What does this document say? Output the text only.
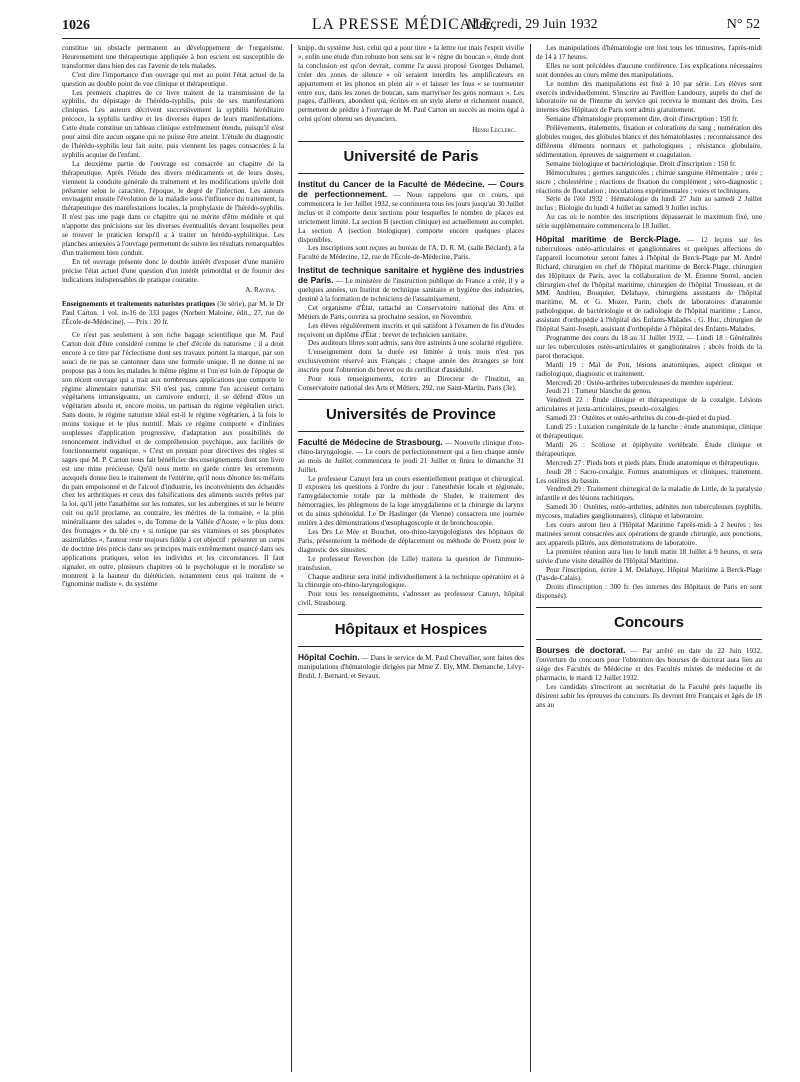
1026	LA PRESSE MÉDICALE,
Mercredi, 29 Juin 1932	N° 52

constitue un obstacle permanent au développement de l'organisme. Heureusement une thérapeutique appliquée à bon escient est susceptible de transformer dans bien des cas l'avenir de tels malades.

C'est dire l'importance d'un ouvrage qui met au point l'état actuel de la question au double point de vue clinique et thérapeutique.

Les premiers chapitres de ce livre traitent de la transmission de la syphilis, du dépistage de l'hérédo-syphilis, puis de ses manifestations cliniques. Les auteurs décrivent successivement la syphilis héréditaire précoce, la syphilis tardive et les diverses étapes de leurs manifestations. Cette étude constitue un tableau clinique extrêmement étendu, puisqu'il n'est pour ainsi dire aucun organe qui ne puisse être atteint. L'étude du diagnostic de l'hérédo-syphilis leur fait suite, puis viennent les pages consacrées à la syphilis acquise de l'enfant.

La deuxième partie de l'ouvrage est consacrée au chapitre de la thérapeutique. Après l'étude des divers médicaments et de leurs doses, viennent la conduite générale du traitement et les modifications qu'elle doit présenter selon le caractère, l'époque, le degré de l'infection. Les auteurs envisagent ensuite l'évolution de la maladie sous l'influence du traitement, la thérapeutique des manifestations locales, la prophylaxie de l'hérédo-syphilis. Il n'est pas une page dans ce chapitre qui ne mérite d'être méditée et qui n'apporte des précisions sur les diverses éventualités devant lesquelles peut se trouver le praticien lorsqu'il a à traiter un hérédo-syphilitique. Les planches annexées à l'ouvrage permettent de suivre les résultats remarquables d'un traitement bien conduit.

En tel ouvrage présente donc le double intérêt d'exposer d'une manière précise l'état actuel d'une question d'un intérêt primordial et de fournir des indications indispensables de pratique courante.

A. Ravina.

Enseignements et traitements naturistes pratiques (3e série), par M. le Dr Paul Carton. 1 vol. in-16 de 333 pages (Norbert Maloine, édit., 27, rue de l'École-de-Médecine). — Prix : 20 fr.

Ce n'est pas seulement à son riche bagage scientifique que M. Paul Carton doit d'être considéré comme le chef d'école du naturisme ; il a droit encore à ce titre par l'éclectisme dont ses travaux portent la marque, par son souci de ne pas se cantonner dans une formule unique. Il ne donne ni ne propose pas à tous les malades le même régime et l'on est loin de l'époque de son récent ouvrage qui a trait aux nombreuses applications que comporte le régime alimentaire naturiste. S'il n'est pas, comme l'en accusent certains végétariens intransigeants, un carnivore endurci, il se défend d'être un végétarien absolu et, encore moins, un partisan du régime végétalien strict. Sans doute, le régime naturiste idéal est-il le régime végétarien, à la fois le moins toxique et le plus nutritif. Mais ce régime comporte « d'infinies souplesses d'application progressive, d'adaptation aux possibilités de renoncement individuel et de compréhension psychique, aux facilités de fonctionnement organique. » C'est en prenant pour directives des règles si sages que M. P. Carton nous fait bénéficier des enseignements dont son livre est une mine précieuse. Qu'il nous mette en garde contre les errements auxquels donne lieu le traitement de l'entérite, qu'il nous dénonce les méfaits du pain empoisonné et de l'alcool d'industrie, les inconvénients des échaudés chez les arthritiques et ceux des falsifications des aliments sucrés prêtes par la loi, qu'il jette l'anathème sur les tomates, sur les aubergines et sur le beurre cuit ou qu'il proclame, au contraire, les mérites de la romaine, « la plus minéralisante des salades », du Tomme de la Vallée d'Aoste, « le plus doux des fromages » du blé cru « si tonique par ses vitamines et ses phosphates assimilables », l'auteur reste toujours fidèle à cet objectif : présenter un corps de doctrine très précis dans ses principes mais extrêmement nuancé dans ses applications pratiques, selon les individus et les circonstances. Il faut signaler, en outre, plusieurs chapitres où le psychologue et le moraliste se montrent à la hauteur du diététicien, notamment ceux qui traitent de « l'ignominie nudiste », du système

knipp, du système Just, celui qui a pour titre « la lettre tue mais l'esprit vivifie », enfin une étude d'un robuste bon sens sur le « règne du boucan », étude dont la conclusion est qu'on devrait, comme l'a aussi proposé Georges Duhamel, créer des zones de silence « où seraient interdits les amplificateurs en appartement et les phonos en plein air » et laisser les fous « se tourmenter entre eux, dans les zones de boucan, sans martyriser les gens normaux ». Les pages, d'ailleurs, abondent qui, écrites en un style alerte et richement nuancé, permettent de prédire à l'ouvrage de M. Paul Carton un succès au moins égal à celui qu'ont obtenu ses devanciers.

Henri Leclerc.

Université de Paris

Institut du Cancer de la Faculté de Médecine. — Cours de perfectionnement. — Nous rappelons que ce cours, qui commencera le 1er Juillet 1932, se continuera tous les jours jusqu'au 30 Juillet inclus et il comporte deux sections pour lesquelles le nombre de places est strictement limité. La section B (section clinique) est actuellement au complet. La section A (section biologique) comporte encore quelques places disponibles.

Les inscriptions sont reçues au bureau de l'A. D. R. M. (salle Béclard), à la Faculté de Médecine, 12, rue de l'École-de-Médecine, Paris.

Institut de technique sanitaire et hygiène des industries de Paris. — Le ministère de l'instruction publique de France a créé, il y a quelques années, un Institut de technique sanitaire et hygiène des industries, destiné à la formation de techniciens de l'assainissement.

Cet organisme d'État, rattaché au Conservatoire national des Arts et Métiers de Paris, ouvrira sa prochaine session, en Novembre.

Les élèves régulièrement inscrits et qui satisfont à l'examen de fin d'études reçoivent un diplôme d'État : brevet de technicien sanitaire.

Des auditeurs libres sont admis, sans être astreints à une scolarité régulière.

L'enseignement dont la durée est limitée à trois mois n'est pas exclusivement réservé aux Français ; chaque année des étrangers se font inscrire pour l'obtention du brevet ou du certificat d'assiduité.

Pour tous renseignements, écrire au Directeur de l'Institut, au Conservatoire national des Arts et Métiers, 292, rue Saint-Martin, Paris (3e).

Universités de Province

Faculté de Médecine de Strasbourg. — Nouvelle clinique d'oto-rhino-laryngologie. — Le cours de perfectionnement qui a lieu chaque année au mois de Juillet commencera le jeudi 21 Juillet et finira le dimanche 31 Juillet.

Le professeur Canuyt fera un cours essentiellement pratique et chirurgical. Il exposera les questions à l'ordre du jour : l'anesthésie locale et régionale, l'amygdalectomie totale par la méthode de Sluder, le traitement des hémorragies, les phlegmons de la loge amygdalienne et la chirurgie du larynx et du sinus sphénoïdal. Le Dr Haslinger (de Vienne) consacrera une journée entière à des démonstrations d'œsophagoscopie et de bronchoscopie.

Les Drs Le Mée et Bouchet, oto-rhino-laryngologistes des hôpitaux de Paris, présenteront la méthode de déplacement ou méthode de Proetz pour le diagnostic des sinusites.

Le professeur Reverchon (de Lille) traitera la question de l'immuno-transfusion.

Chaque auditeur sera initié individuellement à la technique opératoire et à la chirurgie oto-rhino-laryngologique.

Pour tous les renseignements, s'adresser au professeur Canuyt, hôpital civil, Strasbourg.

Hôpitaux et Hospices

Hôpital Cochin. — Dans le service de M. Paul Chevallier, sont faites des manipulations d'hématologie dirigées par Mme Z. Ely, MM. Demanche, Lévy-Bruhl, J. Bernard, et Sevaux.

Les manipulations d'hématologie ont lieu tous les trimestres, l'après-midi de 14 à 17 heures.

Elles ne sont précédées d'aucune conférence. Les explications nécessaires sont données au cours même des manipulations.

Le nombre des manipulations est fixé à 10 par série. Les élèves sont exercés individuellement. S'inscrire au Pavillon Landouzy, auprès du chef de laboratoire ou de l'interne du service qui recevra le montant des droits. Les internes des Hôpitaux de Paris sont admis gratuitement.

Semaine d'hématologie proprement dite, droit d'inscription : 150 fr.

Prélèvements, étalements, fixation et colorations du sang ; numération des globules rouges, des globules blancs et des hématoblastes ; reconnaissance des différents éléments normaux et pathologiques ; résistance globulaire, sédimentation, épreuves de saignement et coagulation.

Semaine biologique et bactériologique. Droit d'inscription : 150 fr.

Hémocultures ; germes sanguicoles ; chimie sanguine élémentaire ; urée ; sucre ; cholestérine ; réactions de fixation du complément ; séro-diagnostic ; réactions de floculation ; inoculations expérimentales ; voies et techniques.

Série de l'été 1932 : Hématologie du lundi 27 Juin au samedi 2 Juillet inclus ; Biologie du lundi 4 Juillet au samedi 9 Juillet inclus.

Au cas où le nombre des inscriptions dépasserait le maximum fixé, une série supplémentaire commencera le 18 Juillet.

Hôpital maritime de Berck-Plage. — 12 leçons sur les tuberculoses ostéo-articulaires et ganglionnaires et quelques affections de l'appareil locomoteur seront faites à l'hôpital de Berck-Plage par M. André Richard, chirurgien en chef de l'hôpital maritime de Berck-Plage, chirurgien des Hôpitaux de Paris, avec la collaboration de M. Étienne Sorrel, ancien chirurgien-chef de l'hôpital maritime, chirurgien de l'hôpital Trousseau, et de MM. Andrieu, Bouquier, Delahaye, chirurgiens assistants de l'hôpital maritime, M. et G. Mozer, Parin, chefs de laboratoires d'anatomie pathologique, de bactériologie et de radiologie de l'hôpital maritime ; Lance, assistant d'orthopédie à l'hôpital des Enfants-Malades ; G. Huc, chirurgien de l'hôpital Saint-Joseph, assistant d'orthopédie à l'hôpital des Enfants-Malades.

Programme des cours du 18 au 31 Juillet 1932. — Lundi 18 : Généralités sur les tuberculoses ostéo-articulaires et ganglionnaires ; abcès froids de la paroi thoracique.

Mardi 19 : Mal de Pott, lésions anatomiques, aspect clinique et radiologique, diagnostic et traitement.

Mercredi 20 : Ostéo-arthrites tuberculeuses du membre supérieur.

Jeudi 21 : Tumeur blanche du genou.

Vendredi 22 : Étude clinique et thérapeutique de la coxalgie. Lésions articulaires et juxta-articulaires, pseudo-coxalgies.

Samedi 23 : Ostéites et ostéo-arthrites du cou-de-pied et du pied.

Lundi 25 : Luxation congénitale de la hanche : étude anatomique, clinique et thérapeutique.

Mardi 26 : Scoliose et épiphysite vertébrale. Étude clinique et thérapeutique.

Mercredi 27 : Pieds bots et pieds plats. Étude anatomique et thérapeutique.

Jeudi 28 : Sacro-coxalgie. Formes anatomiques et cliniques, traitement. Les ostéites du bassin.

Vendredi 29 : Traitement chirurgical de la maladie de Little, de la paralysie infantile et des lésions rachitiques.

Samedi 30 : Ostéites, ostéo-arthrites, adénites non tuberculeuses (syphilis, mycoses, maladies ganglionnaires), clinique et laboratoire.

Les cours auront lieu à l'Hôpital Maritime l'après-midi à 2 heures ; les matinées seront consacrées aux opérations de grande chirurgie, aux ponctions, aux appareils plâtrés, aux démonstrations de laboratoire.

La première réunion aura lieu le lundi matin 18 Juillet à 9 heures, et sera suivie d'une visite détaillée de l'Hôpital Maritime.

Pour l'inscription, écrire à M. Delahaye, Hôpital Maritime à Berck-Plage (Pas-de-Calais).

Droits d'inscription : 300 fr. (les internes des Hôpitaux de Paris en sont dispensés).

Concours

Bourses de doctorat. — Par arrêté en date du 22 Juin 1932, l'ouverture du concours pour l'obtention des bourses de doctorat aura lieu au siège des Facultés de Médecine et des Facultés mixtes de médecine et de pharmacie, le mardi 12 Juillet 1932.

Les candidats s'inscriront au secrétariat de la Faculté près laquelle ils désirent subir les épreuves du concours. Ils devront être Français et âgés de 18 ans au
